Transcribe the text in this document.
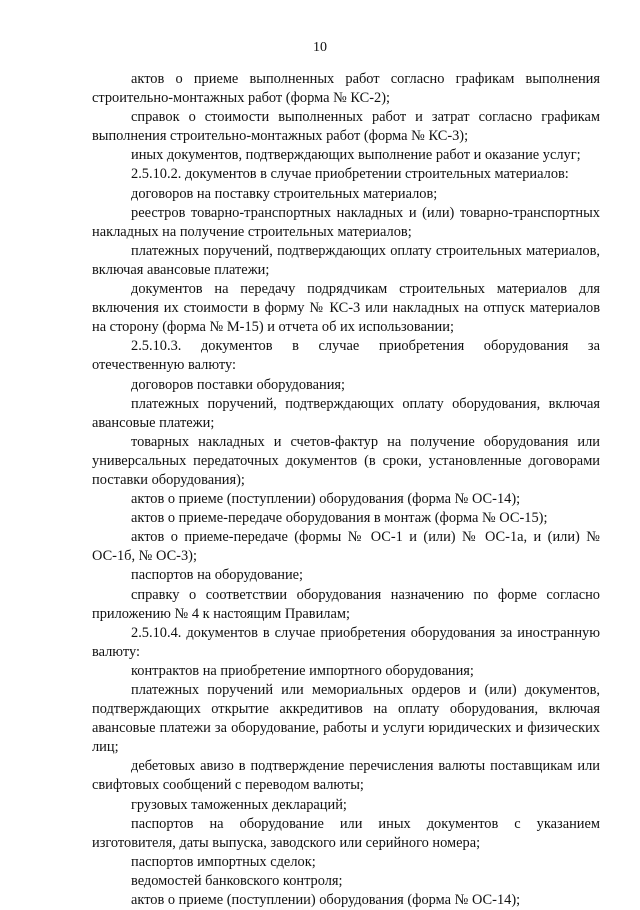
10

актов о приеме выполненных работ согласно графикам выполнения строительно-монтажных работ (форма № КС-2);

справок о стоимости выполненных работ и затрат согласно графикам выполнения строительно-монтажных работ (форма № КС-3);

иных документов, подтверждающих выполнение работ и оказание услуг;

2.5.10.2. документов в случае приобретении строительных материалов:

договоров на поставку строительных материалов;

реестров товарно-транспортных накладных и (или) товарно-транспортных накладных на получение строительных материалов;

платежных поручений, подтверждающих оплату строительных материалов, включая авансовые платежи;

документов на передачу подрядчикам строительных материалов для включения их стоимости в форму № КС-3 или накладных на отпуск материалов на сторону (форма № М-15) и отчета об их использовании;

2.5.10.3. документов в случае приобретения оборудования за отечественную валюту:

договоров поставки оборудования;

платежных поручений, подтверждающих оплату оборудования, включая авансовые платежи;

товарных накладных и счетов-фактур на получение оборудования или универсальных передаточных документов (в сроки, установленные договорами поставки оборудования);

актов о приеме (поступлении) оборудования (форма № ОС-14);

актов о приеме-передаче оборудования в монтаж (форма № ОС-15);

актов о приеме-передаче (формы № ОС-1 и (или) № ОС-1а, и (или) № ОС-1б, № ОС-3);

паспортов на оборудование;

справку о соответствии оборудования назначению по форме согласно приложению № 4 к настоящим Правилам;

2.5.10.4. документов в случае приобретения оборудования за иностранную валюту:

контрактов на приобретение импортного оборудования;

платежных поручений или мемориальных ордеров и (или) документов, подтверждающих открытие аккредитивов на оплату оборудования, включая авансовые платежи за оборудование, работы и услуги юридических и физических лиц;

дебетовых авизо в подтверждение перечисления валюты поставщикам или свифтовых сообщений с переводом валюты;

грузовых таможенных деклараций;

паспортов на оборудование или иных документов с указанием изготовителя, даты выпуска, заводского или серийного номера;

паспортов импортных сделок;

ведомостей банковского контроля;

актов о приеме (поступлении) оборудования (форма № ОС-14);
